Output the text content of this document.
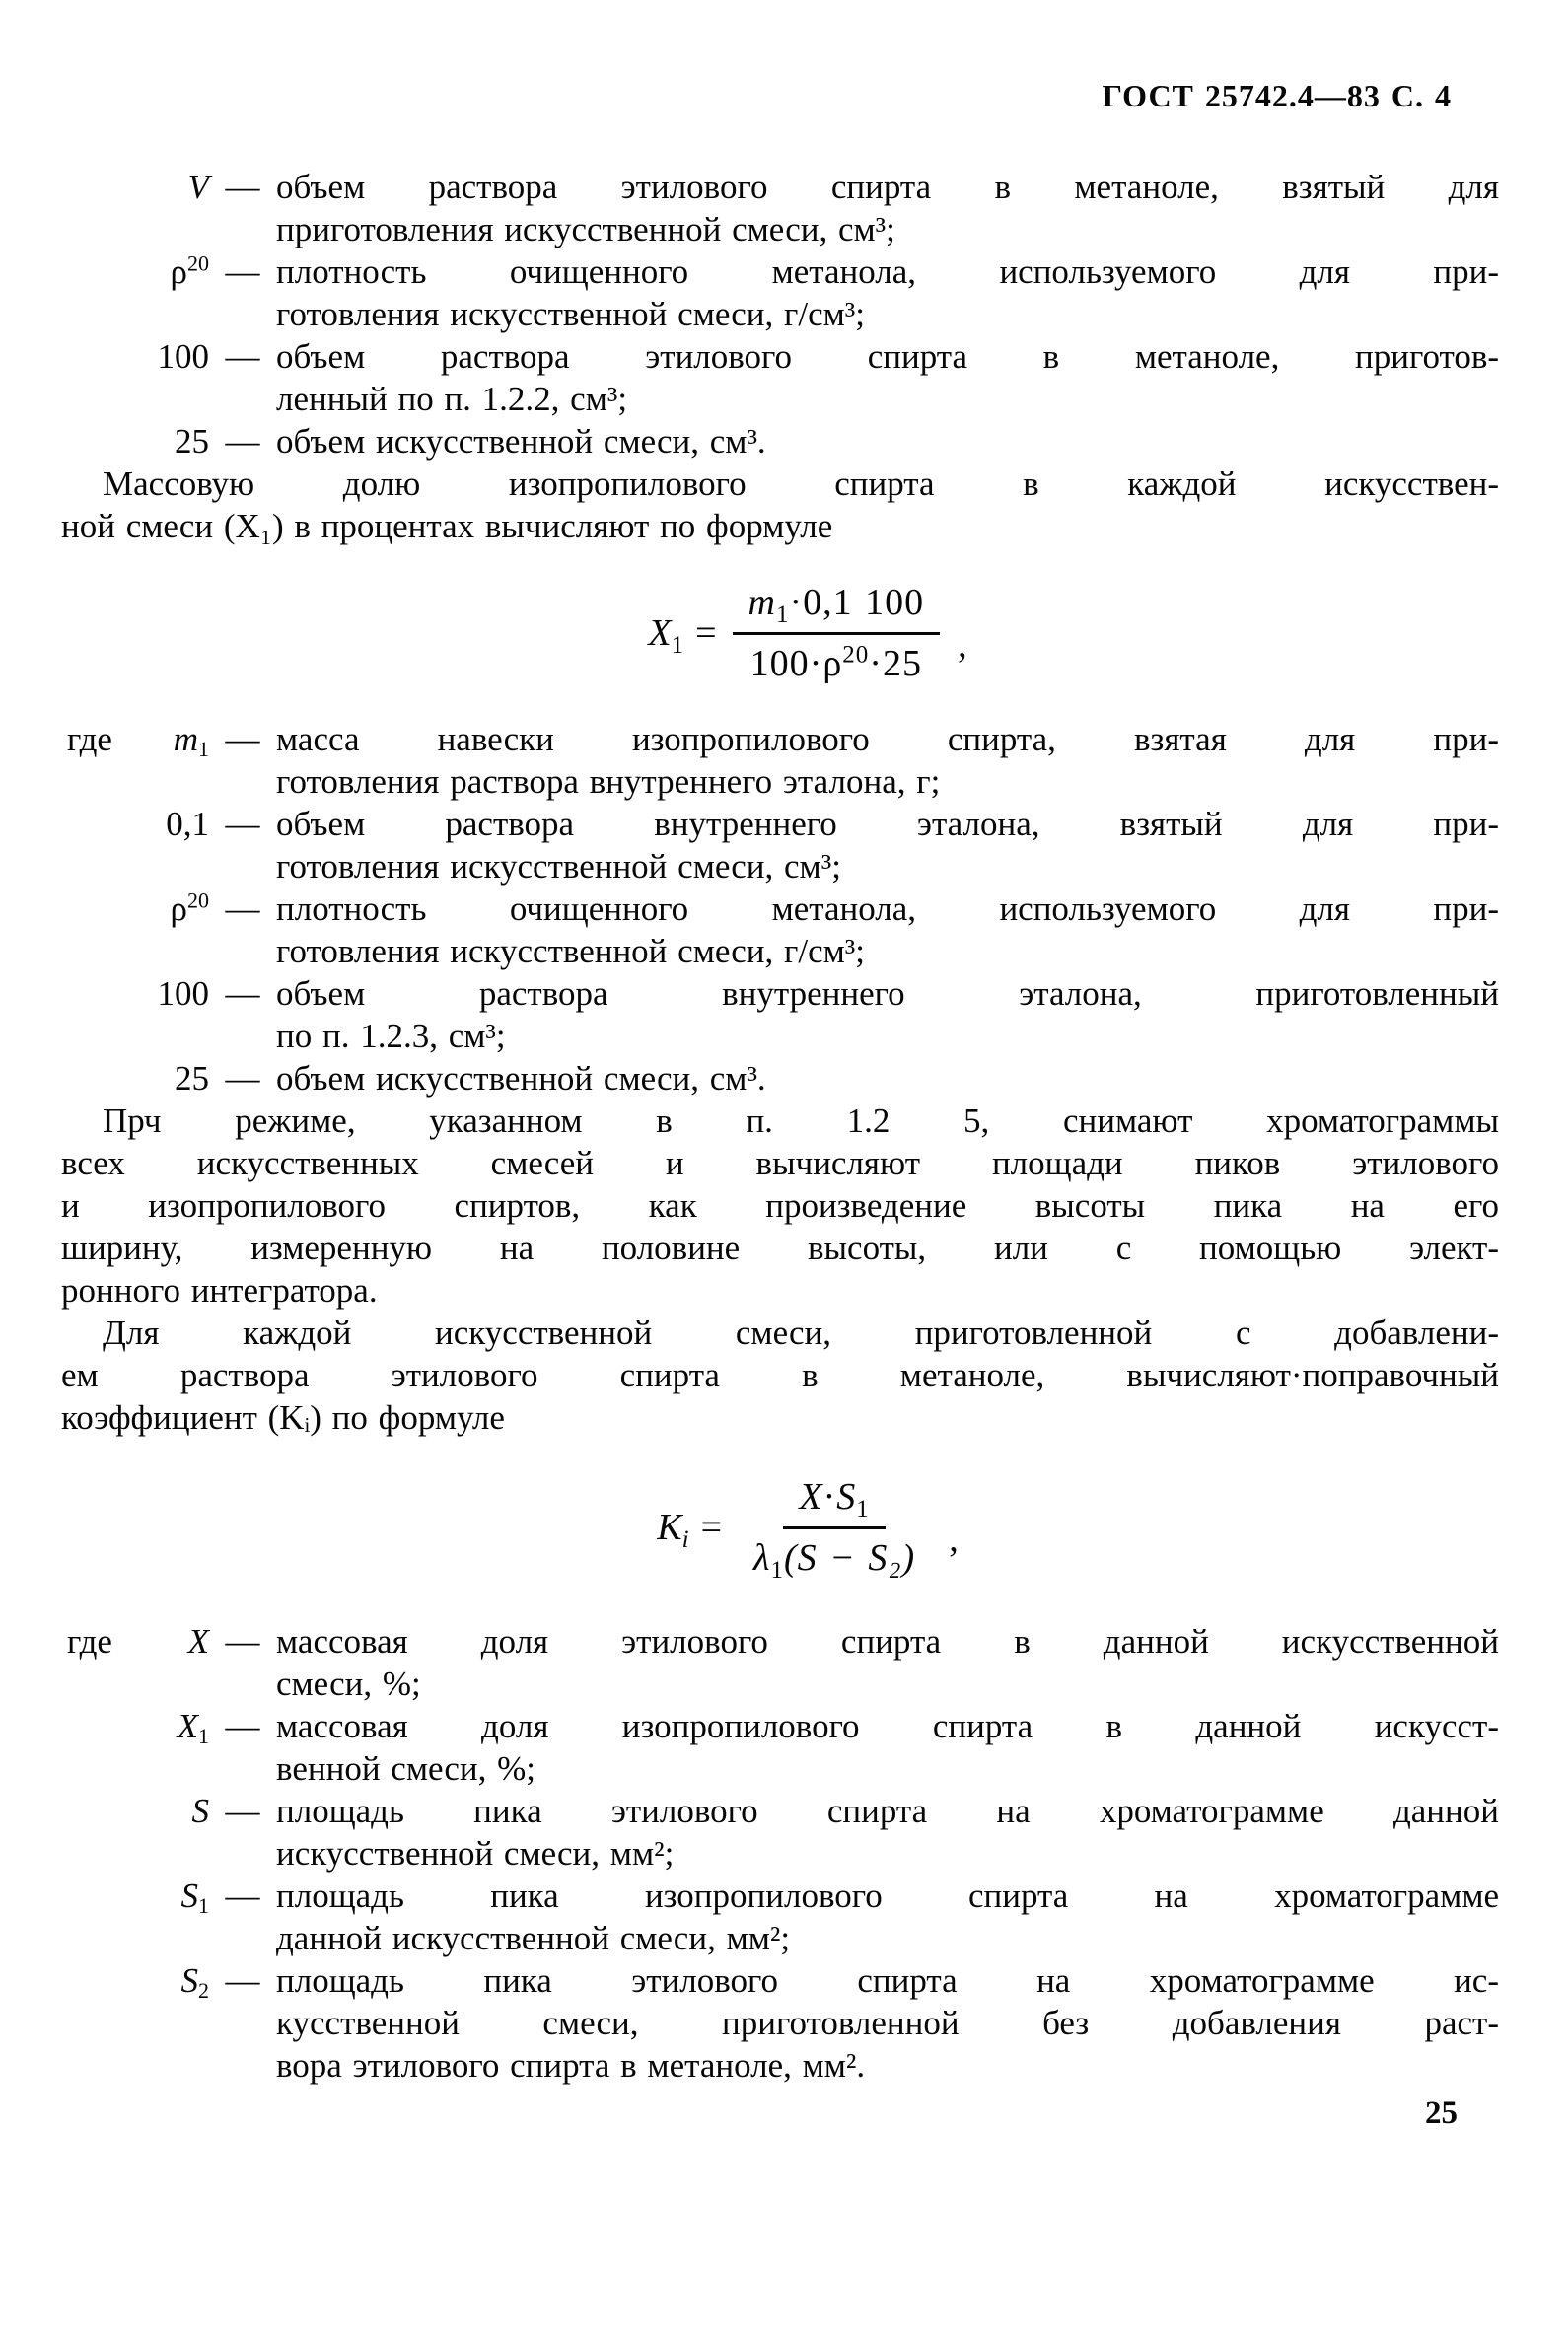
ГОСТ 25742.4—83 С. 4
V — объем раствора этилового спирта в метаноле, взятый для
приготовления искусственной смеси, см³;
$\rho^{20}$ — плотность очищенного метанола, используемого для при-
готовления искусственной смеси, г/см³;
100 — объем раствора этилового спирта в метаноле, приготов-
ленный по п. 1.2.2, см³;
25 — объем искусственной смеси, см³.
Массовую долю изопропилового спирта в каждой искусствен-
ной смеси (X₁) в процентах вычисляют по формуле
$X_1 = \frac{m_1\cdot 0,1 100}{100\cdot\rho^{20}\cdot 25}$ ,
где	$m_1$ — масса навески изопропилового спирта, взятая для при-
готовления раствора внутреннего эталона, г;
0,1 — объем раствора внутреннего эталона, взятый для при-
готовления искусственной смеси, см³;
$\rho^{20}$ — плотность очищенного метанола, используемого для при-
готовления искусственной смеси, г/см³;
100 — объем раствора внутреннего эталона, приготовленный
по п. 1.2.3, см³;
25 — объем искусственной смеси, см³.
Прч режиме, указанном в п. 1.2 5, снимают хроматограммы
всех искусственных смесей и вычисляют площади пиков этилового
и изопропилового спиртов, как произведение высоты пика на его
ширину, измеренную на половине высоты, или с помощью элект-
ронного интегратора.
Для каждой искусственной смеси, приготовленной с добавлени-
ем раствора этилового спирта в метаноле, вычисляют·поправочный
коэффициент (Kᵢ) по формуле
$K_i = \frac{X\cdot S_1}{\lambda_1(S - S_2)}$ ,
где	X — массовая доля этилового спирта в данной искусственной
смеси, %;
$X_1$ — массовая доля изопропилового спирта в данной искусст-
венной смеси, %;
S — площадь пика этилового спирта на хроматограмме данной
искусственной смеси, мм²;
$S_1$ — площадь пика изопропилового спирта на хроматограмме
данной искусственной смеси, мм²;
$S_2$ — площадь пика этилового спирта на хроматограмме ис-
кусственной смеси, приготовленной без добавления раст-
вора этилового спирта в метаноле, мм².
25
